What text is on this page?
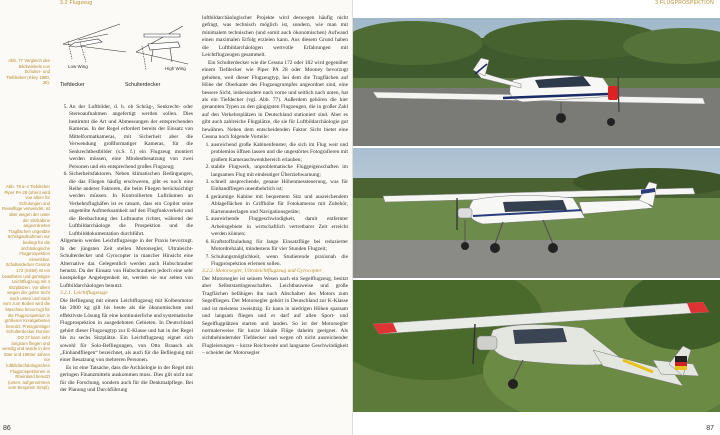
3.2 Flugzeug
Low Wing	High Wing
Tiefdecker	Schulterdecker
Abb. 77 Vergleich des Blickwinkels von Schulter- und Tiefdecker (Kiley 1980, 30).
Abb. 78 a–c Tiefdecker Piper PA-28 (oben) wird von allem für Schulungen und Reiseflüge verwendet, ist aber wegen der unter der Sitzkabine angeordneten Tragflächen ungeübte Schrägaufnahmen nur bedingt für die archäologische Flugprospektion einsetzbar. Schulterdecker Cessna 172 (mittel) ist ein bewährtes und günstiges Leichtflugzeug mit 4 Sitzplätzen. Vor allem wegen der guten Sicht nach unten und nach vorn zum Boden wird die Maschine bevorzugt für die Flugprospektion in größeren Kreatgebieten benutzt. Preisgünstiger Schulterdecker Dornier DO 27 kann sehr langsam fliegen und wendig und wurde in den 50er und 1960er Jahren vor luftbildarchäologischen Flugprospektionen in Rheinland benutzt (unten, aufgenommen vom Benjamin Simpl).
5. An der Luftbilder, d. h. ob Schräg-, Senkrecht- oder Stereoaufnahmen angefertigt werden sollen. Dies bestimmt die Art und Abmessungen der entsprechenden Kameras. In der Regel erfordert bereits der Einsatz von Mittelformatkameras, mit Sicherheit aber die Verwendung großformatiger Kameras, für die Senkrechtbestbilder (s.S. f.) ein Flugzeug montiert werden müssen, eine Mindestbesatzung von zwei Personen und ein entsprechend großes Flugzeug;
6. Sicherheitsfaktoren. Neben klimatischen Bedingungen, die das Fliegen häufig erschweren, gibt es noch eine Reihe anderer Faktoren, die beim Fliegen berücksichtigt werden müssen. In Kontrollierten Lufträumen an Verkehrsflughäfen ist es ratsam, dass ein Copilot seine ungeteilte Aufmerksamkeit auf den Flugfunkverkehr und die Beobachtung des Luftraums richtet, während der Luftbildarchäologe die Prospektion und die Luftbilddokumentation durchführt.

Allgemein werden Leichtflugzeuge in der Praxis bevorzugt. In der jüngsten Zeit stellen Motorsegler, Ultraleicht-Schulterdecker und Gyrocopter in mancher Hinsicht eine Alternative dar. Gelegentlich werden auch Hubschrauber benutzt. Da der Einsatz von Hubschraubern jedoch eine sehr kostspielige Angelegenheit ist, werden sie nur selten von Luftbildarchäologen benutzt.

3.2.1. Leichtflugzeuge

Die Befliegung mit einem Leichtflugzeug mit Kolbenmotor bis 2000 kg gilt bis heute als die ökonomischste und effektivste Lösung für eine kontinuierliche und systematische Flugprospektion in ausgedehnten Gebieten. In Deutschland gehört dieser Flugzeugtyp zur E-Klasse und hat in der Regel bis zu sechs Sitzplätze. Ein Leichtflugzeug eignet sich sowohl für Solo-Befliegungen, von Otto Braasch als „Einhandfliegen“ bezeichnet, als auch für die Befliegung mit einer Besatzung von mehreren Personen.

Es ist eine Tatsache, dass die Archäologie in der Regel mit geringen Finanzmitteln auskommen muss. Dies gilt nicht nur für die Forschung, sondern auch für die Denkmalpflege. Bei der Planung und Durchführung

luftbildarchäologischer Projekte wird deswegen häufig nicht gefragt, was technisch möglich ist, sondern, wie man mit minimalem technischen (und somit auch ökonomischen) Aufwand einen maximalen Erfolg erzielen kann. Aus diesem Grund haben die Luftbildarchäologen wertvolle Erfahrungen mit Leichtflugzeugen gesammelt.

Ein Schulterdecker wie die Cessna 172 oder 182 wird gegenüber einem Tiefdecker wie Piper PA 28 oder Mooney bevorzugt gehoben, weil dieser Flugzeugtyp, bei dem die Tragflächen auf Höhe der Oberkante des Flugzeugrumpfes angeordnet sind, eine bessere Sicht, insbesondere nach vorne und seitlich nach unten, hat als ein Tiefdecker (vgl. Abb. 77). Außerdem gehören die hier genannten Typen zu den gängigsten Flugzeugen, die in großer Zahl auf den Verkehrsplätzen in Deutschland stationiert sind. Aber es gibt auch zahlreiche Flugplätze, die sie für Luftbildarchäologie gut bewähren. Neben dem entscheidenden Faktor Sicht bietet eine Cessna noch folgende Vorteile:

1. ausreichend große Kabinenfenster, die sich im Flug weit und problemlos öffnen lassen und die ungestörtes Fotografieren mit großem Kameraschwenkbereich erlauben;
2. stabile Flugwerk, unproblematische Fluggeigenschaften im langsamen Flug mit eindeutiger Überziehwarnung;
3. schnell ansprechende, genaue Höhenmessteuerung, was für Einhandfliegen unentbehrlich ist;
4. geräumige Kabine mit bequemem Sitz und ausreichendem Ablageflächen in Griffhöhe für Fotokameras mit Zubehör, Kartenunterlagen und Navigationsgeräte;
5. ausreichende Fluggeschwindigkeit, damit entfernter Arbeitsgebiete in wirtschaftlich vertretbarer Zeit erreicht werden können;
6. Kraftstoffzuladung für lange Einsatzflüge bei reduzierter Motordrehzahl, mindestens für vier Stunden Flugzeit;
7. Schulungsmöglichkeit, wenn Studierende praxisnah die Flugprospektion erlernen sollen.

3.2.2. Motorsegler, Ultraleichtflugzeug und Gyrocopter

Der Motorsegler ist seinem Wesen nach ein Segelflugzeug, besitzt aber Selbststartingenschaften. Leichtbauweise und große Tragflächen befähigen ihn nach Abschalten des Motors zum Segelfliegen. Der Motorsegler gehört in Deutschland zur K-Klasse und ist meistens zweisitzig. Er kann in niedrigen Höhen sparsam und langsam fliegen und er darf auf allen Sport- und Segelflugplätzen starten und landen. So ist der Motorsegler normalerweise für kurze lokale Flüge daheim geeignet. Als sichtbehindernder Tiefdecker und wegen oft nicht ausreichender Flugleistungen – kurze Reichweite und langsame Geschwindigkeit – scheidet der Motorsegler

86
3 FLUGPROSPEKTION
87
